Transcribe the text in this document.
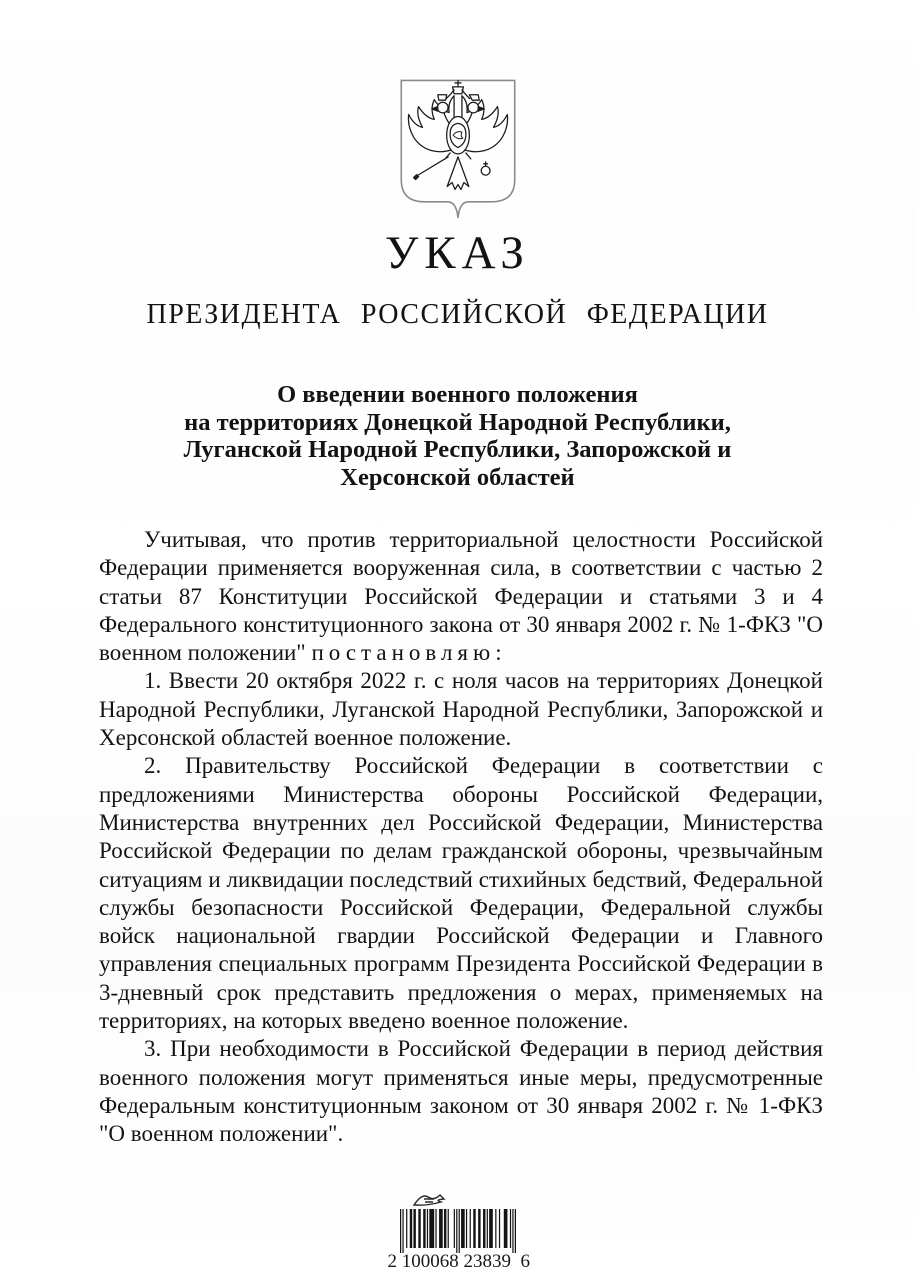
УКАЗ
ПРЕЗИДЕНТА РОССИЙСКОЙ ФЕДЕРАЦИИ
О введении военного положения
на территориях Донецкой Народной Республики,
Луганской Народной Республики, Запорожской и
Херсонской областей

Учитывая, что против территориальной целостности Российской Федерации применяется вооруженная сила, в соответствии с частью 2 статьи 87 Конституции Российской Федерации и статьями 3 и 4 Федерального конституционного закона от 30 января 2002 г. № 1-ФКЗ "О военном положении" постановляю:

1. Ввести 20 октября 2022 г. с ноля часов на территориях Донецкой Народной Республики, Луганской Народной Республики, Запорожской и Херсонской областей военное положение.

2. Правительству Российской Федерации в соответствии с предложениями Министерства обороны Российской Федерации, Министерства внутренних дел Российской Федерации, Министерства Российской Федерации по делам гражданской обороны, чрезвычайным ситуациям и ликвидации последствий стихийных бедствий, Федеральной службы безопасности Российской Федерации, Федеральной службы войск национальной гвардии Российской Федерации и Главного управления специальных программ Президента Российской Федерации в 3-дневный срок представить предложения о мерах, применяемых на территориях, на которых введено военное положение.

3. При необходимости в Российской Федерации в период действия военного положения могут применяться иные меры, предусмотренные Федеральным конституционным законом от 30 января 2002 г. № 1-ФКЗ "О военном положении".

2 100068 23839  6
